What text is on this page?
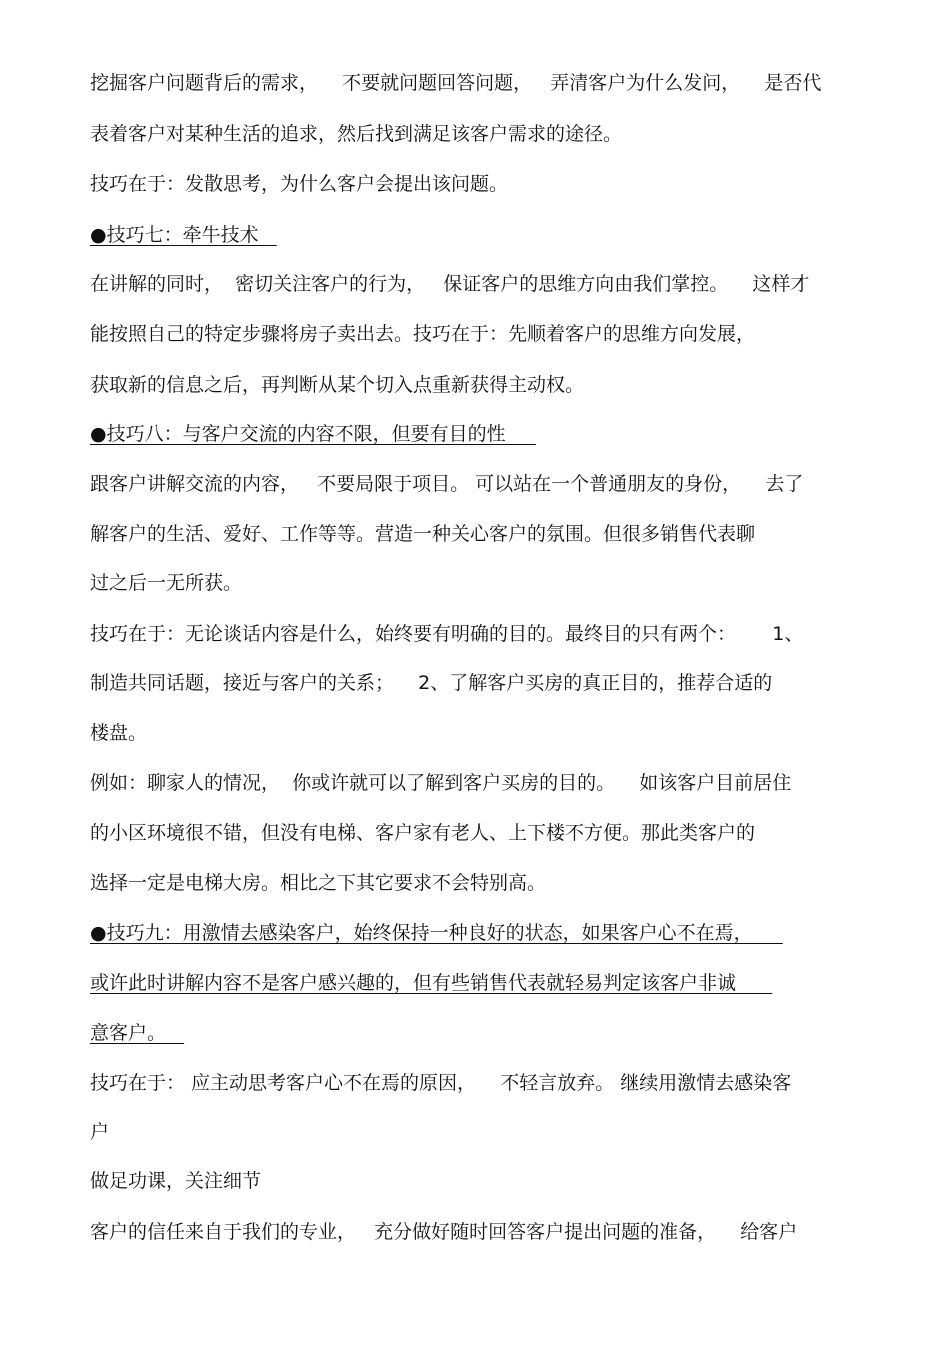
挖掘客户问题背后的需求，    不要就问题回答问题，   弄清客户为什么发问，    是否代

表着客户对某种生活的追求，然后找到满足该客户需求的途径。

技巧在于：发散思考，为什么客户会提出该问题。

●技巧七：牵牛技术

在讲解的同时，  密切关注客户的行为，   保证客户的思维方向由我们掌控。    这样才

能按照自己的特定步骤将房子卖出去。技巧在于：先顺着客户的思维方向发展，

获取新的信息之后，再判断从某个切入点重新获得主动权。

●技巧八：与客户交流的内容不限，但要有目的性

跟客户讲解交流的内容，   不要局限于项目。 可以站在一个普通朋友的身份，    去了

解客户的生活、爱好、工作等等。营造一种关心客户的氛围。但很多销售代表聊

过之后一无所获。

技巧在于：无论谈话内容是什么，始终要有明确的目的。最终目的只有两个：      1、

制造共同话题，接近与客户的关系；    2、了解客户买房的真正目的，推荐合适的

楼盘。

例如：聊家人的情况，  你或许就可以了解到客户买房的目的。    如该客户目前居住

的小区环境很不错，但没有电梯、客户家有老人、上下楼不方便。那此类客户的

选择一定是电梯大房。相比之下其它要求不会特别高。

●技巧九：用激情去感染客户，始终保持一种良好的状态，如果客户心不在焉，

或许此时讲解内容不是客户感兴趣的，但有些销售代表就轻易判定该客户非诚

意客户。

技巧在于： 应主动思考客户心不在焉的原因，    不轻言放弃。 继续用激情去感染客

户

做足功课，关注细节

客户的信任来自于我们的专业，   充分做好随时回答客户提出问题的准备，    给客户
